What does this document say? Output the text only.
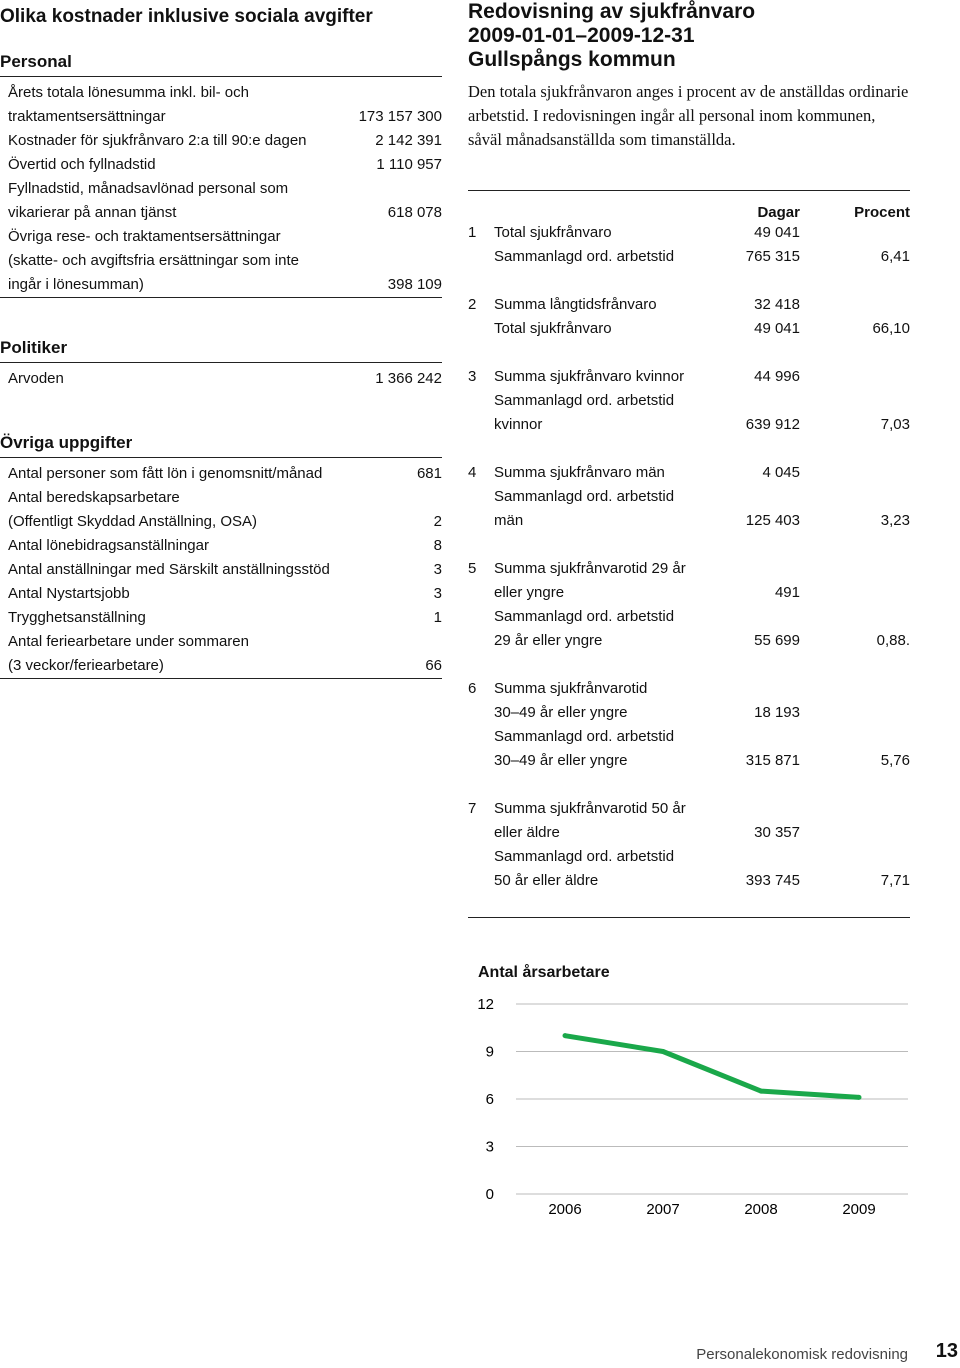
Olika kostnader inklusive sociala avgifter
Personal
Årets totala lönesumma inkl. bil- och
traktamentsersättningar	173 157 300
Kostnader för sjukfrånvaro 2:a till 90:e dagen	2 142 391
Övertid och fyllnadstid	1 110 957
Fyllnadstid, månadsavlönad personal som
vikarierar på annan tjänst	618 078
Övriga rese- och traktamentsersättningar
(skatte- och avgiftsfria ersättningar som inte
ingår i lönesumman)	398 109
Politiker
Arvoden	1 366 242
Övriga uppgifter
Antal personer som fått lön i genomsnitt/månad	681
Antal beredskapsarbetare
(Offentligt Skyddad Anställning, OSA)	2
Antal lönebidragsanställningar	8
Antal anställningar med Särskilt anställningsstöd	3
Antal Nystartsjobb	3
Trygghetsanställning	1
Antal feriearbetare under sommaren
(3 veckor/feriearbetare)	66
Redovisning av sjukfrånvaro
2009-01-01–2009-12-31
Gullspångs kommun
Den totala sjukfrånvaron anges i procent av de anställdas ordinarie arbetstid. I redovisningen ingår all personal inom kommunen, såväl månadsanställda som timanställda.
Dagar	Procent
1	Total sjukfrånvaro	49 041
Sammanlagd ord. arbetstid	765 315	6,41
2	Summa långtidsfrånvaro	32 418
Total sjukfrånvaro	49 041	66,10
3	Summa sjukfrånvaro kvinnor	44 996
Sammanlagd ord. arbetstid
kvinnor	639 912	7,03
4	Summa sjukfrånvaro män	4 045
Sammanlagd ord. arbetstid
män	125 403	3,23
5	Summa sjukfrånvarotid 29 år
eller yngre	491
Sammanlagd ord. arbetstid
29 år eller yngre	55 699	0,88.
6	Summa sjukfrånvarotid
30–49 år eller yngre	18 193
Sammanlagd ord. arbetstid
30–49 år eller yngre	315 871	5,76
7	Summa sjukfrånvarotid 50 år
eller äldre	30 357
Sammanlagd ord. arbetstid
50 år eller äldre	393 745	7,71
Antal årsarbetare
0
3
6
9
12
2006	2007	2008	2009
Personalekonomisk redovisning 13
